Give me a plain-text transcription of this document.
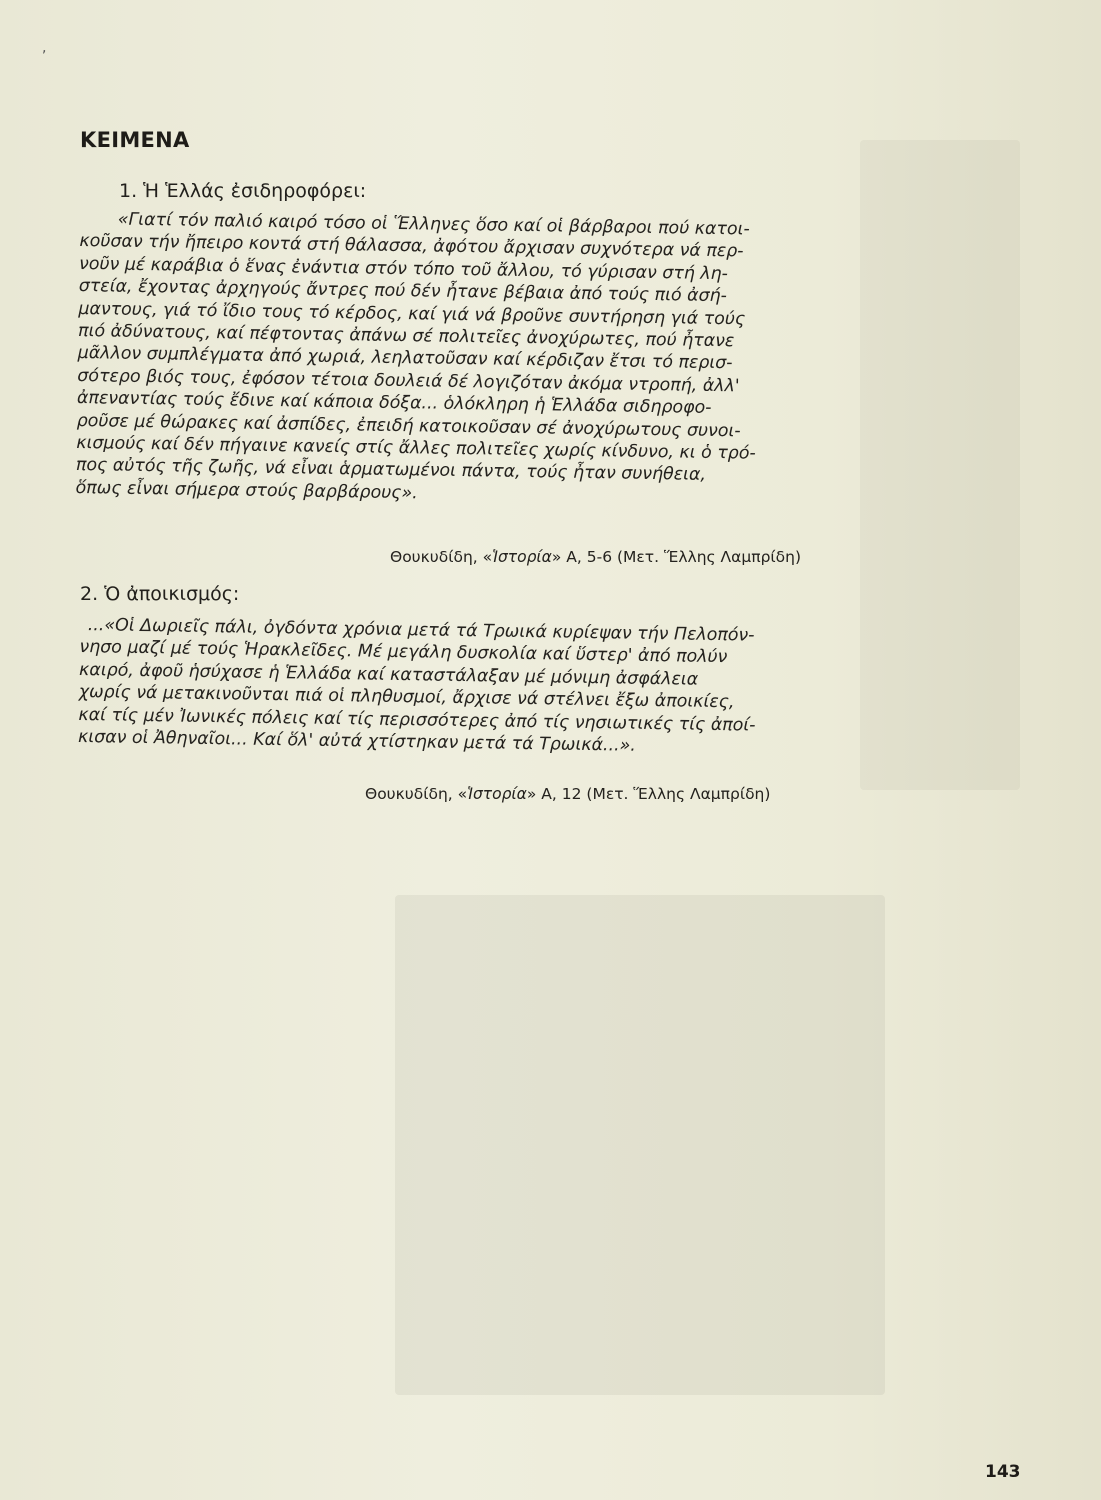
,
ΚΕΙΜΕΝΑ
1. Ἡ Ἑλλάς ἐσιδηροφόρει:
«Γιατί τόν παλιό καιρό τόσο οἱ Ἕλληνες ὅσο καί οἱ βάρβαροι πού κατοι-
κοῦσαν τήν ἤπειρο κοντά στή θάλασσα, ἀφότου ἄρχισαν συχνότερα νά περ-
νοῦν μέ καράβια ὁ ἕνας ἐνάντια στόν τόπο τοῦ ἄλλου, τό γύρισαν στή λη-
στεία, ἔχοντας ἀρχηγούς ἄντρες πού δέν ἦτανε βέβαια ἀπό τούς πιό ἀσή-
μαντους, γιά τό ἴδιο τους τό κέρδος, καί γιά νά βροῦνε συντήρηση γιά τούς
πιό ἀδύνατους, καί πέφτοντας ἀπάνω σέ πολιτεῖες ἀνοχύρωτες, πού ἦτανε
μᾶλλον συμπλέγματα ἀπό χωριά, λεηλατοῦσαν καί κέρδιζαν ἔτσι τό περισ-
σότερο βιός τους, ἐφόσον τέτοια δουλειά δέ λογιζόταν ἀκόμα ντροπή, ἀλλ'
ἀπεναντίας τούς ἔδινε καί κάποια δόξα... ὁλόκληρη ἡ Ἑλλάδα σιδηροφο-
ροῦσε μέ θώρακες καί ἀσπίδες, ἐπειδή κατοικοῦσαν σέ ἀνοχύρωτους συνοι-
κισμούς καί δέν πήγαινε κανείς στίς ἄλλες πολιτεῖες χωρίς κίνδυνο, κι ὁ τρό-
πος αὐτός τῆς ζωῆς, νά εἶναι ἁρματωμένοι πάντα, τούς ἦταν συνήθεια,
ὅπως εἶναι σήμερα στούς βαρβάρους».
Θουκυδίδη, «Ἱστορία» Α, 5-6 (Μετ. Ἕλλης Λαμπρίδη)
2. Ὁ ἀποικισμός:
...«Οἱ Δωριεῖς πάλι, ὀγδόντα χρόνια μετά τά Τρωικά κυρίεψαν τήν Πελοπόν-
νησο μαζί μέ τούς Ἡρακλεῖδες. Μέ μεγάλη δυσκολία καί ὕστερ' ἀπό πολύν
καιρό, ἀφοῦ ἡσύχασε ἡ Ἑλλάδα καί καταστάλαξαν μέ μόνιμη ἀσφάλεια
χωρίς νά μετακινοῦνται πιά οἱ πληθυσμοί, ἄρχισε νά στέλνει ἔξω ἀποικίες,
καί τίς μέν Ἰωνικές πόλεις καί τίς περισσότερες ἀπό τίς νησιωτικές τίς ἀποί-
κισαν οἱ Ἀθηναῖοι... Καί ὅλ' αὐτά χτίστηκαν μετά τά Τρωικά...».
Θουκυδίδη, «Ἱστορία» Α, 12 (Μετ. Ἕλλης Λαμπρίδη)
143
